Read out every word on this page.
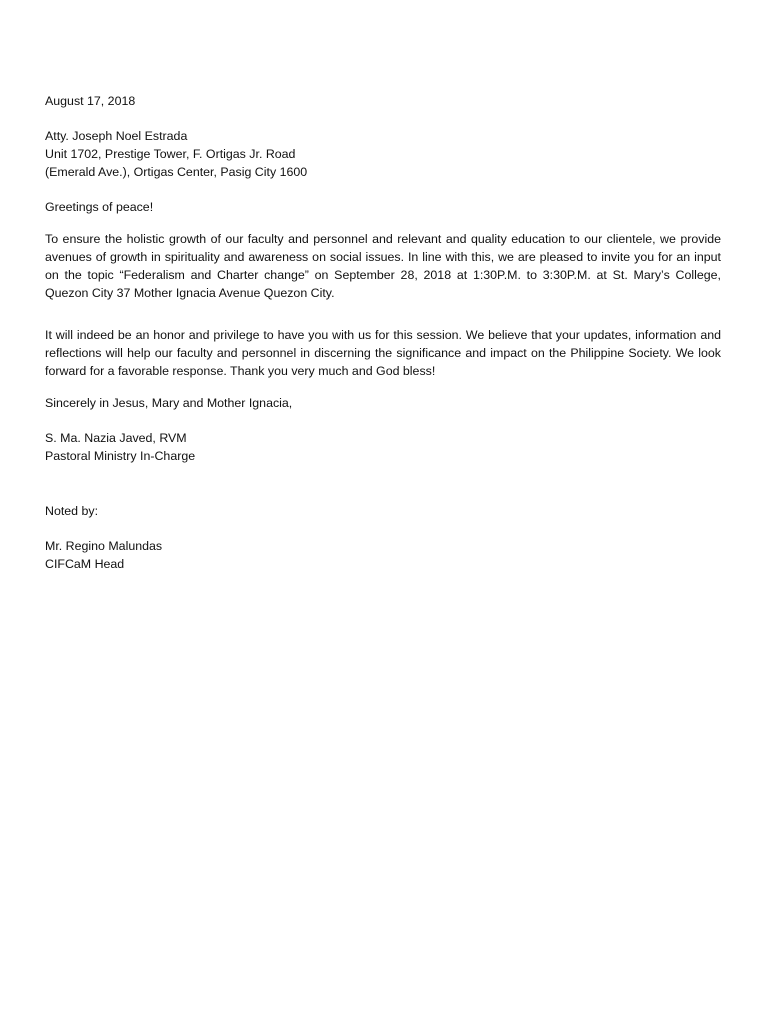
August 17, 2018
Atty. Joseph Noel Estrada
Unit 1702, Prestige Tower, F. Ortigas Jr. Road
(Emerald Ave.), Ortigas Center, Pasig City 1600
Greetings of peace!

To ensure the holistic growth of our faculty and personnel and relevant and quality education to our clientele, we provide avenues of growth in spirituality and awareness on social issues. In line with this, we are pleased to invite you for an input on the topic “Federalism and Charter change” on September 28, 2018 at 1:30P.M. to 3:30P.M. at St. Mary’s College, Quezon City 37 Mother Ignacia Avenue Quezon City.

It will indeed be an honor and privilege to have you with us for this session. We believe that your updates, information and reflections will help our faculty and personnel in discerning the significance and impact on the Philippine Society. We look forward for a favorable response. Thank you very much and God bless!

Sincerely in Jesus, Mary and Mother Ignacia,
S. Ma. Nazia Javed, RVM
Pastoral Ministry In-Charge
Noted by:
Mr. Regino Malundas
CIFCaM Head
